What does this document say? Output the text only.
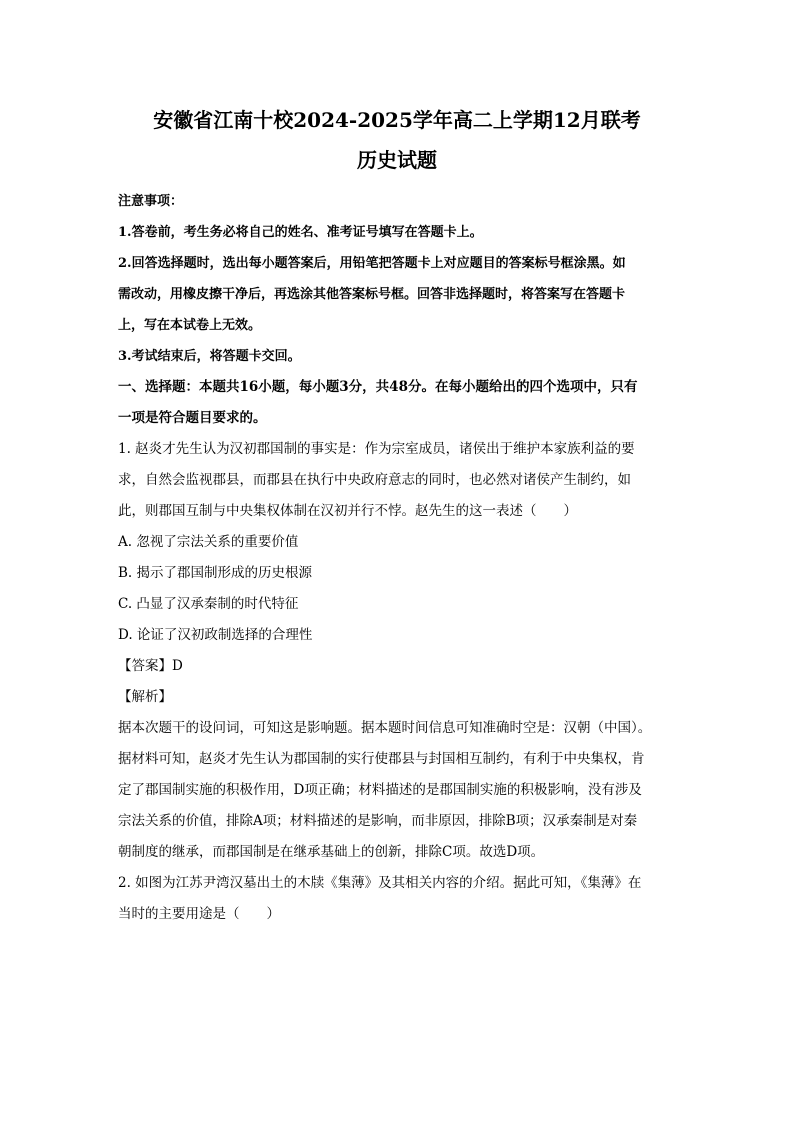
安徽省江南十校2024-2025学年高二上学期12月联考
历史试题

注意事项：

1.答卷前，考生务必将自己的姓名、准考证号填写在答题卡上。

2.回答选择题时，选出每小题答案后，用铅笔把答题卡上对应题目的答案标号框涂黑。如

需改动，用橡皮擦干净后，再选涂其他答案标号框。回答非选择题时，将答案写在答题卡

上，写在本试卷上无效。

3.考试结束后，将答题卡交回。

一、选择题：本题共16小题，每小题3分，共48分。在每小题给出的四个选项中，只有

一项是符合题目要求的。

1. 赵炎才先生认为汉初郡国制的事实是：作为宗室成员，诸侯出于维护本家族利益的要

求，自然会监视郡县，而郡县在执行中央政府意志的同时，也必然对诸侯产生制约，如

此，则郡国互制与中央集权体制在汉初并行不悖。赵先生的这一表述（　　）

A. 忽视了宗法关系的重要价值

B. 揭示了郡国制形成的历史根源

C. 凸显了汉承秦制的时代特征

D. 论证了汉初政制选择的合理性

【答案】D

【解析】

据本次题干的设问词，可知这是影响题。据本题时间信息可知准确时空是：汉朝（中国）。

据材料可知，赵炎才先生认为郡国制的实行使郡县与封国相互制约，有利于中央集权，肯

定了郡国制实施的积极作用，D项正确；材料描述的是郡国制实施的积极影响，没有涉及

宗法关系的价值，排除A项；材料描述的是影响，而非原因，排除B项；汉承秦制是对秦

朝制度的继承，而郡国制是在继承基础上的创新，排除C项。故选D项。

2. 如图为江苏尹湾汉墓出土的木牍《集薄》及其相关内容的介绍。据此可知，《集薄》在

当时的主要用途是（　　）
